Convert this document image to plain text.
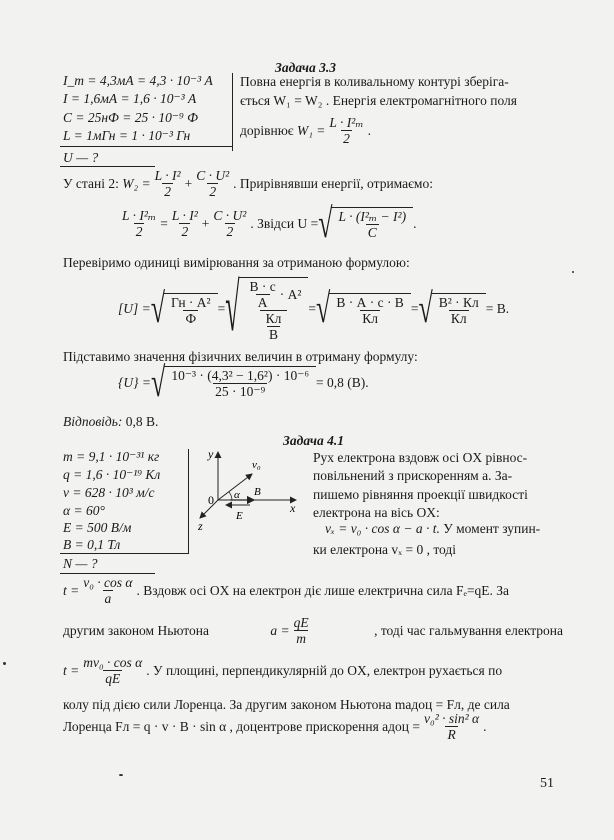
Задача 3.3
I_m = 4,3мА = 4,3 · 10⁻³ А
I = 1,6мА = 1,6 · 10⁻³ А
C = 25нФ = 25 · 10⁻⁹ Ф
L = 1мГн = 1 · 10⁻³ Гн
U — ?
Повна енергія в коливальному контурі зберіга-
ється W₁ = W₂ . Енергія електромагнітного поля
дорівнює
$W_1 = \frac{\text{L · I²ₘ}}{2}$ .
У стані 2:
$W_2 = \frac{\text{L · I²}}{2} + \frac{\text{C · U²}}{2}$ . Прирівнявши енергії, отримаємо:
$\frac{\text{L · I²ₘ}}{2} = \frac{\text{L · I²}}{2} + \frac{\text{C · U²}}{2}$ . Звідси U = √ $\frac{\text{L · (I²ₘ − I²)}}{C}$ .
Перевіримо одиниці вимірювання за отриманою формулою:
[U] = √ $\frac{\text{Гн · А²}}{Ф}$ = √ $\frac{\frac{В \cdot с}{А} \cdot А^2}{\frac{Кл}{В}}$ = √ $\frac{В \cdot А \cdot с \cdot В}{Кл}$ = √ $\frac{\text{В² · Кл}}{Кл} = В$.
Підставимо значення фізичних величин в отриману формулу:
{U} = √ $\frac{\text{10⁻³ · (4,3² − 1,6²) · 10⁻⁶}}{\text{25 · 10⁻⁹}} = 0,8$ (В).
Відповідь: 0,8 В.
Задача 4.1
m = 9,1 · 10⁻³¹ кг
q = 1,6 · 10⁻¹⁹ Кл
v = 628 · 10³ м/с
α = 60°
E = 500 В/м
B = 0,1 Тл
N — ?
y
x
z
0 α
v₀
B
E
Рух електрона вздовж осі OX рівнос-
повільнений з прискоренням a. За-
пишемо рівняння проекції швидкості
електрона на вісь OX:
vₓ = v₀ · cos α − a · t. У момент зупин-
ки електрона vₓ = 0 , тоді
$t = \frac{\text{v₀ · cos α}}{a}$ . Вздовж осі OX на електрон діє лише електрична сила Fₑ=qE. За
другим законом Ньютона	$a = \frac{qE}{m}$	, тоді час гальмування електрона
$t = \frac{\text{mv₀ · cos α}}{qE}$ . У площині, перпендикулярній до OX, електрон рухається по
колу під дією сили Лоренца. За другим законом Ньютона maдоц = Fл, де сила
Лоренца Fл = q · v · B · sin α , доцентрове прискорення aдоц = $\frac{\text{v₀² · sin² α}}{R}$ .
51
